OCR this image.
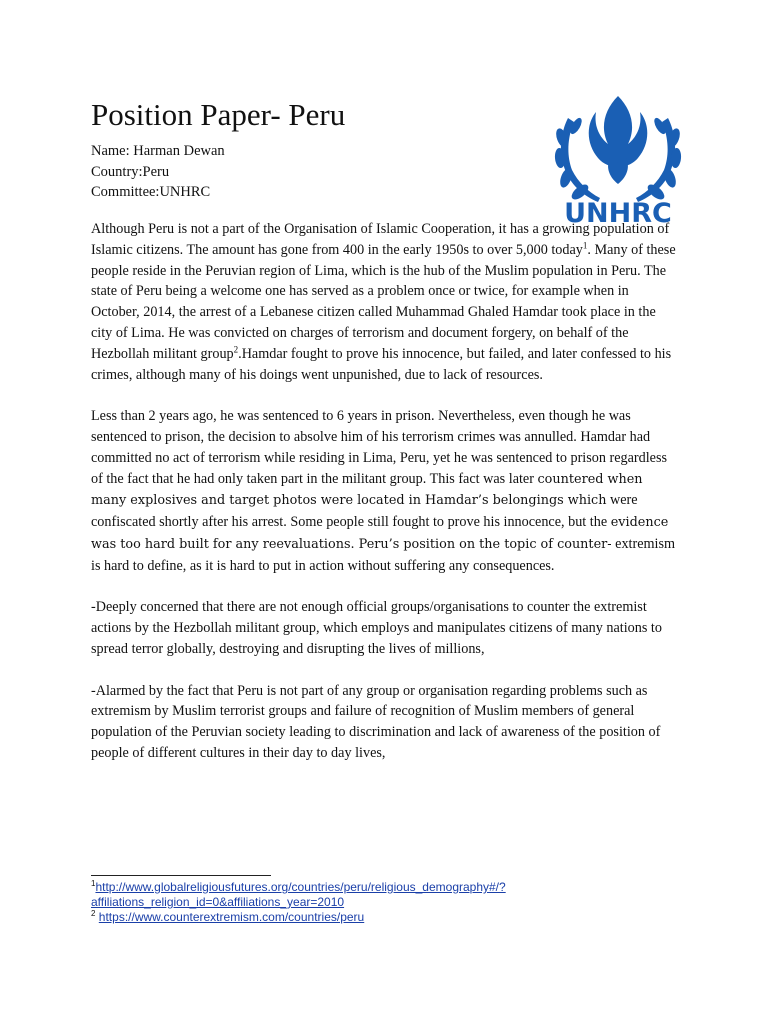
Position Paper- Peru
Name: Harman Dewan
Country:Peru
Committee:UNHRC
UNHRC

Although Peru is not a part of the Organisation of Islamic Cooperation, it has a growing population of Islamic citizens. The amount has gone from 400 in the early 1950s to over 5,000 today$^1$. Many of these people reside in the Peruvian region of Lima, which is the hub of the Muslim population in Peru. The state of Peru being a welcome one has served as a problem once or twice, for example when in October, 2014, the arrest of a Lebanese citizen called Muhammad Ghaled Hamdar took place in the city of Lima. He was convicted on charges of terrorism and document forgery, on behalf of the Hezbollah militant group$^2$.Hamdar fought to prove his innocence, but failed, and later confessed to his crimes, although many of his doings went unpunished, due to lack of resources.

Less than 2 years ago, he was sentenced to 6 years in prison. Nevertheless, even though he was sentenced to prison, the decision to absolve him of his terrorism crimes was annulled. Hamdar had committed no act of terrorism while residing in Lima, Peru, yet he was sentenced to prison regardless of the fact that he had only taken part in the militant group. This fact was later countered when many explosives and target photos were located in Hamdar’s belongings which were confiscated shortly after his arrest. Some people still fought to prove his innocence, but the evidence was too hard built for any reevaluations. Peru’s position on the topic of counter- extremism is hard to define, as it is hard to put in action without suffering any consequences.

-Deeply concerned that there are not enough official groups/organisations to counter the extremist actions by the Hezbollah militant group, which employs and manipulates citizens of many nations to spread terror globally, destroying and disrupting the lives of millions,

-Alarmed by the fact that Peru is not part of any group or organisation regarding problems such as extremism by Muslim terrorist groups and failure of recognition of Muslim members of general population of the Peruvian society leading to discrimination and lack of awareness of the position of people of different cultures in their day to day lives,

$^1$http://www.globalreligiousfutures.org/countries/peru/religious_demography#/?affiliations_religion_id=0&affiliations_year=2010

$^2$ https://www.counterextremism.com/countries/peru
